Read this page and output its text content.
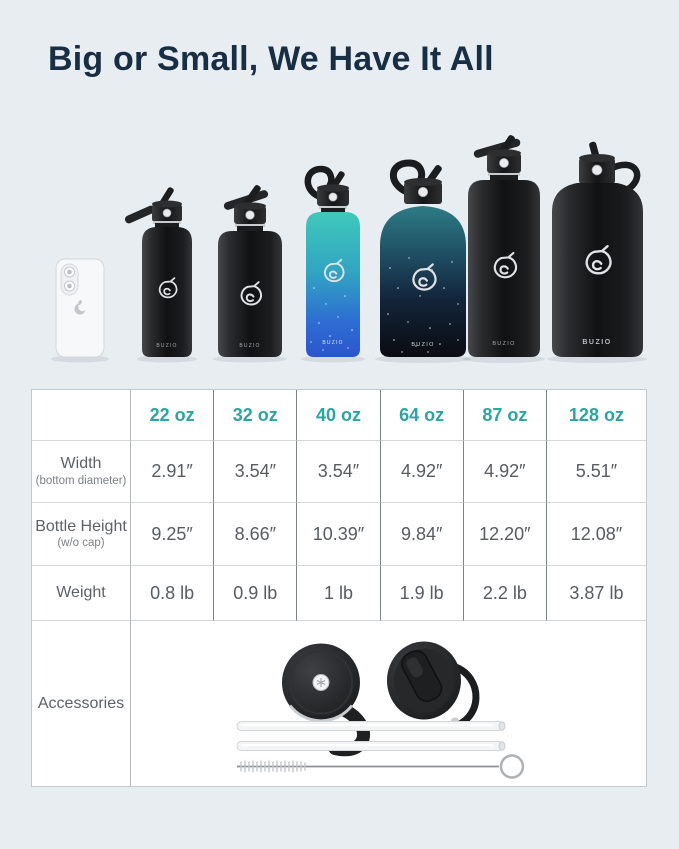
Big or Small, We Have It All
BUZIO	BUZIO	BUZIO	BUZIO	BUZIO	BUZIO
22 oz	32 oz	40 oz	64 oz	87 oz	128 oz
Width
(bottom diameter)	2.91″	3.54″	3.54″	4.92″	4.92″	5.51″
Bottle Height
(w/o cap)	9.25″	8.66″	10.39″	9.84″	12.20″	12.08″
Weight	0.8 lb	0.9 lb	1 lb	1.9 lb	2.2 lb	3.87 lb
Accessories
